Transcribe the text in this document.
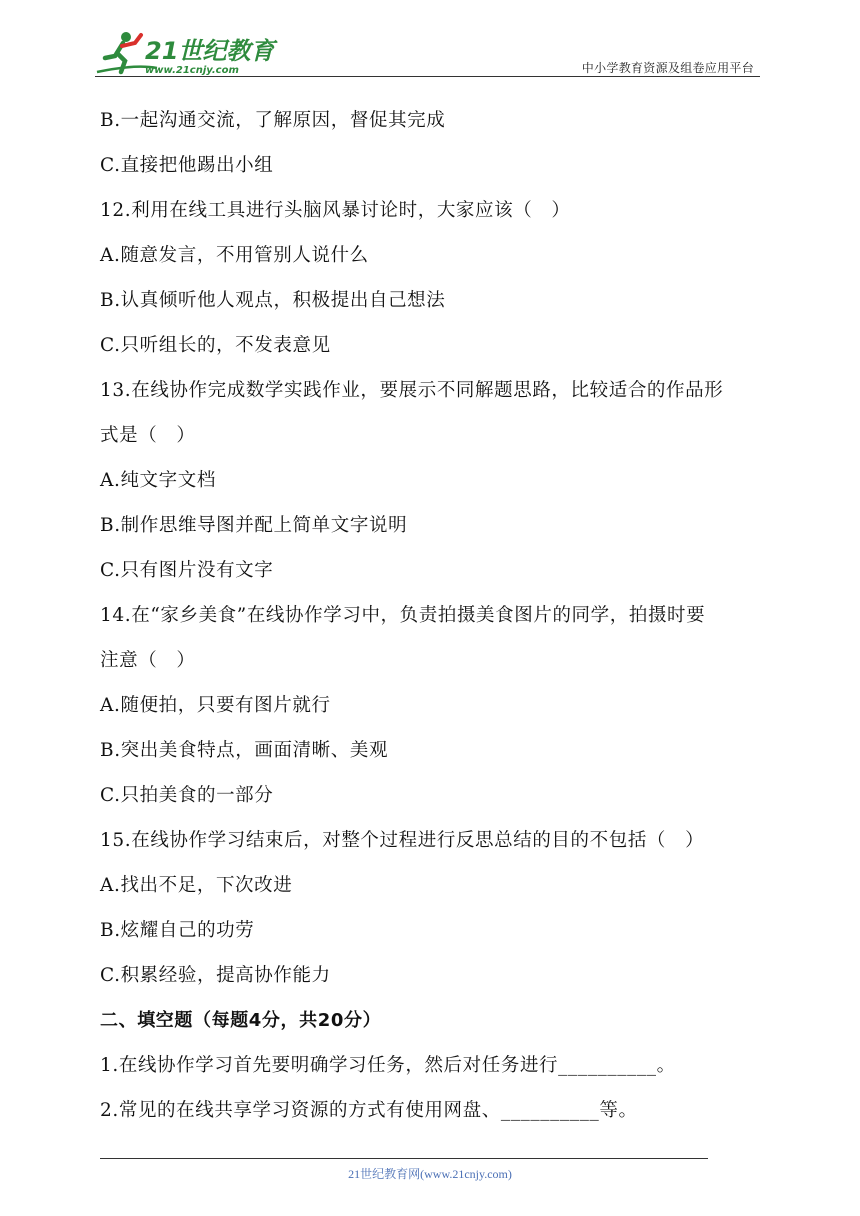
21世纪教育
www.21cnjy.com	中小学教育资源及组卷应用平台
B.一起沟通交流，了解原因，督促其完成
C.直接把他踢出小组
12.利用在线工具进行头脑风暴讨论时，大家应该（　）
A.随意发言，不用管别人说什么
B.认真倾听他人观点，积极提出自己想法
C.只听组长的，不发表意见
13.在线协作完成数学实践作业，要展示不同解题思路，比较适合的作品形
式是（　）
A.纯文字文档
B.制作思维导图并配上简单文字说明
C.只有图片没有文字
14.在“家乡美食”在线协作学习中，负责拍摄美食图片的同学，拍摄时要
注意（　）
A.随便拍，只要有图片就行
B.突出美食特点，画面清晰、美观
C.只拍美食的一部分
15.在线协作学习结束后，对整个过程进行反思总结的目的不包括（　）
A.找出不足，下次改进
B.炫耀自己的功劳
C.积累经验，提高协作能力
二、填空题（每题4分，共20分）
1.在线协作学习首先要明确学习任务，然后对任务进行__________。
2.常见的在线共享学习资源的方式有使用网盘、__________等。
21世纪教育网(www.21cnjy.com)
